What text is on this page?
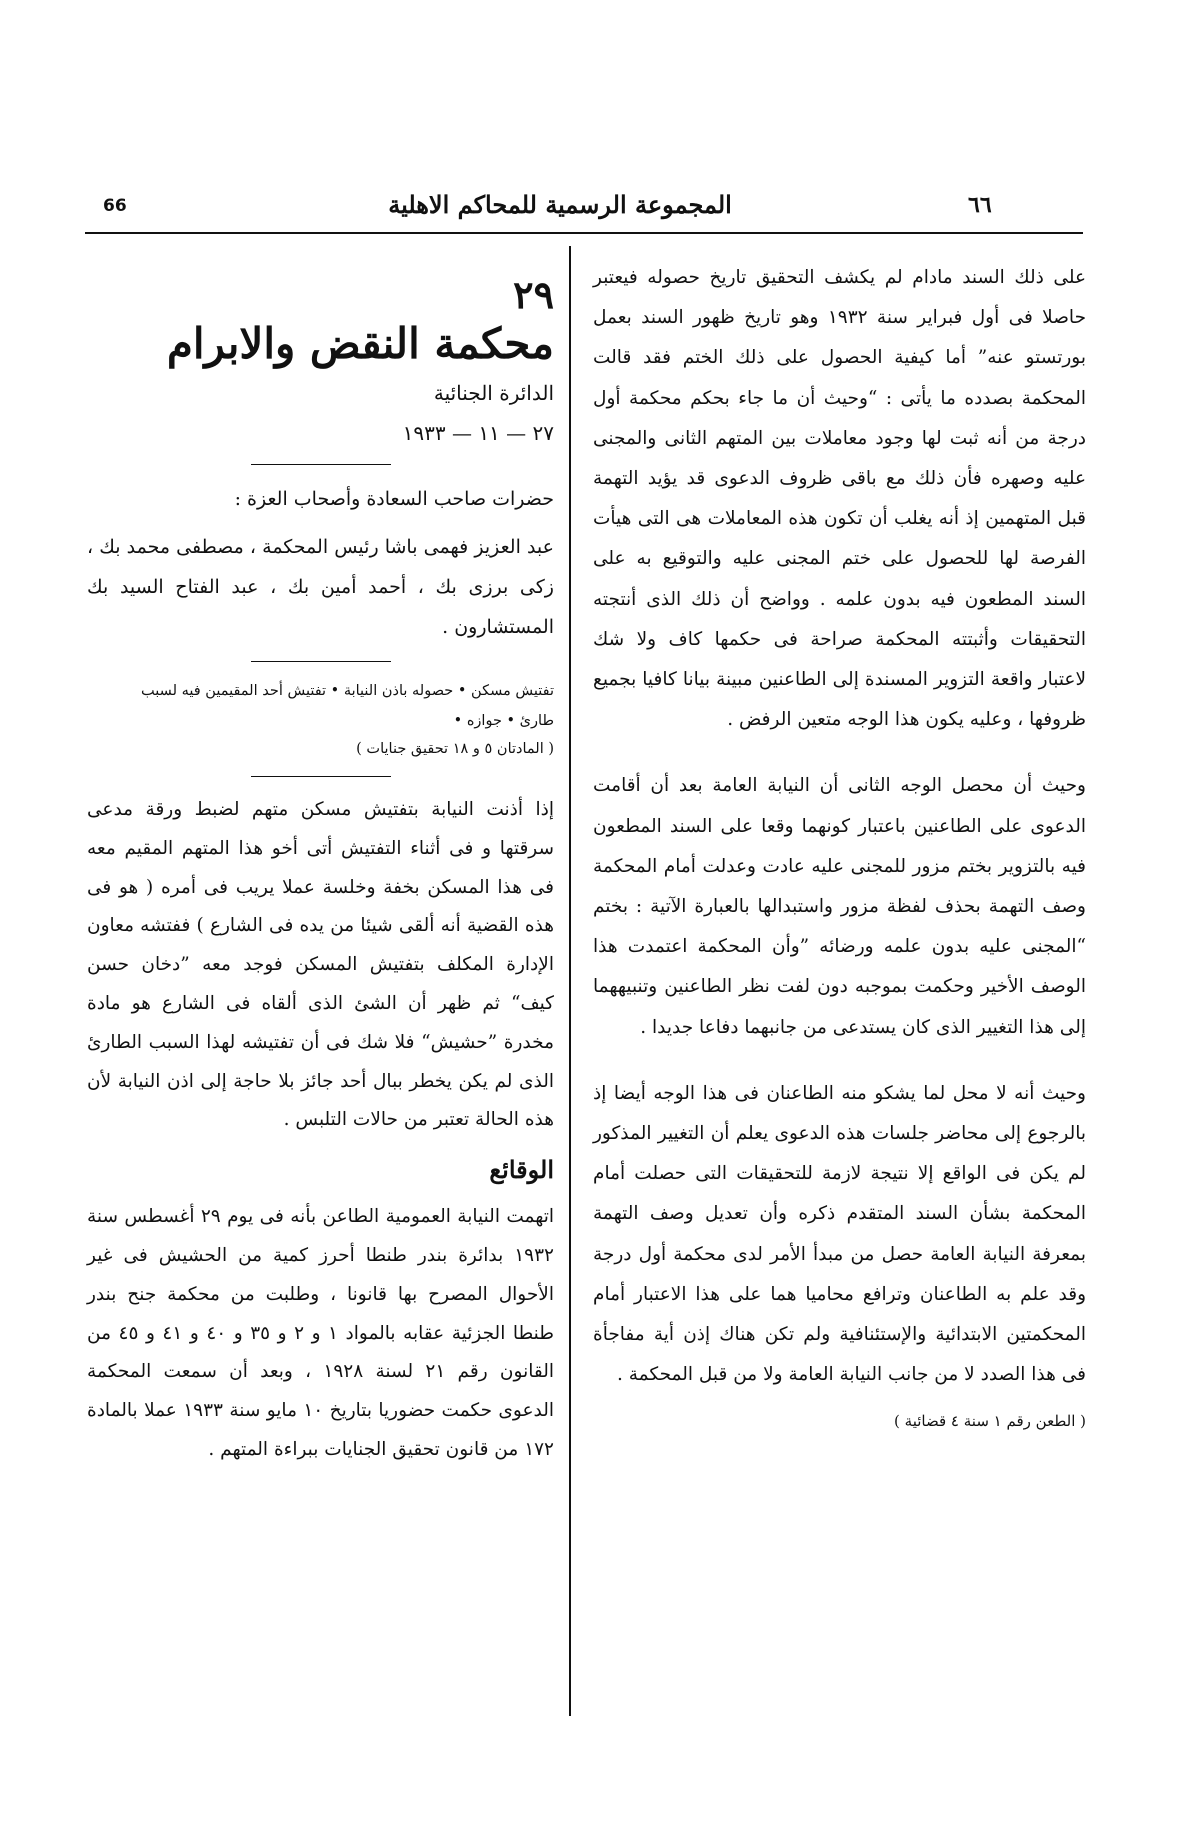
66	المجموعة الرسمية للمحاكم الاهلية	٦٦
على ذلك السند مادام لم يكشف التحقيق تاريخ حصوله فيعتبر حاصلا فى أول فبراير سنة ١٩٣٢ وهو تاريخ ظهور السند بعمل بورتستو عنه” أما كيفية الحصول على ذلك الختم فقد قالت المحكمة بصدده ما يأتى : “وحيث أن ما جاء بحكم محكمة أول درجة من أنه ثبت لها وجود معاملات بين المتهم الثانى والمجنى عليه وصهره فأن ذلك مع باقى ظروف الدعوى قد يؤيد التهمة قبل المتهمين إذ أنه يغلب أن تكون هذه المعاملات هى التى هيأت الفرصة لها للحصول على ختم المجنى عليه والتوقيع به على السند المطعون فيه بدون علمه . وواضح أن ذلك الذى أنتجته التحقيقات وأثبتته المحكمة صراحة فى حكمها كاف ولا شك لاعتبار واقعة التزوير المسندة إلى الطاعنين مبينة بيانا كافيا بجميع ظروفها ، وعليه يكون هذا الوجه متعين الرفض .
وحيث أن محصل الوجه الثانى أن النيابة العامة بعد أن أقامت الدعوى على الطاعنين باعتبار كونهما وقعا على السند المطعون فيه بالتزوير بختم مزور للمجنى عليه عادت وعدلت أمام المحكمة وصف التهمة بحذف لفظة مزور واستبدالها بالعبارة الآتية : بختم “المجنى عليه بدون علمه ورضائه ”وأن المحكمة اعتمدت هذا الوصف الأخير وحكمت بموجبه دون لفت نظر الطاعنين وتنبيههما إلى هذا التغيير الذى كان يستدعى من جانبهما دفاعا جديدا .
وحيث أنه لا محل لما يشكو منه الطاعنان فى هذا الوجه أيضا إذ بالرجوع إلى محاضر جلسات هذه الدعوى يعلم أن التغيير المذكور لم يكن فى الواقع إلا نتيجة لازمة للتحقيقات التى حصلت أمام المحكمة بشأن السند المتقدم ذكره وأن تعديل وصف التهمة بمعرفة النيابة العامة حصل من مبدأ الأمر لدى محكمة أول درجة وقد علم به الطاعنان وترافع محاميا هما على هذا الاعتبار أمام المحكمتين الابتدائية والإستئنافية ولم تكن هناك إذن أية مفاجأة فى هذا الصدد لا من جانب النيابة العامة ولا من قبل المحكمة .
( الطعن رقم ١ سنة ٤ قضائية )
٢٩
محكمة النقض والابرام
الدائرة الجنائية
٢٧ — ١١ — ١٩٣٣
حضرات صاحب السعادة وأصحاب العزة :
عبد العزيز فهمى باشا رئيس المحكمة ، مصطفى محمد بك ، زكى برزى بك ، أحمد أمين بك ، عبد الفتاح السيد بك المستشارون .
تفتيش مسكن • حصوله باذن النيابة • تفتيش أحد المقيمين فيه لسبب
طارئ • جوازه •
( المادتان ٥ و ١٨ تحقيق جنايات )
إذا أذنت النيابة بتفتيش مسكن متهم لضبط ورقة مدعى سرقتها و فى أثناء التفتيش أتى أخو هذا المتهم المقيم معه فى هذا المسكن بخفة وخلسة عملا يريب فى أمره ( هو فى هذه القضية أنه ألقى شيئا من يده فى الشارع ) ففتشه معاون الإدارة المكلف بتفتيش المسكن فوجد معه ”دخان حسن كيف“ ثم ظهر أن الشئ الذى ألقاه فى الشارع هو مادة مخدرة ”حشيش“ فلا شك فى أن تفتيشه لهذا السبب الطارئ الذى لم يكن يخطر ببال أحد جائز بلا حاجة إلى اذن النيابة لأن هذه الحالة تعتبر من حالات التلبس .
الوقائع
اتهمت النيابة العمومية الطاعن بأنه فى يوم ٢٩ أغسطس سنة ١٩٣٢ بدائرة بندر طنطا أحرز كمية من الحشيش فى غير الأحوال المصرح بها قانونا ، وطلبت من محكمة جنح بندر طنطا الجزئية عقابه بالمواد ١ و ٢ و ٣٥ و ٤٠ و ٤١ و ٤٥ من القانون رقم ٢١ لسنة ١٩٢٨ ، وبعد أن سمعت المحكمة الدعوى حكمت حضوريا بتاريخ ١٠ مايو سنة ١٩٣٣ عملا بالمادة ١٧٢ من قانون تحقيق الجنايات ببراءة المتهم .
